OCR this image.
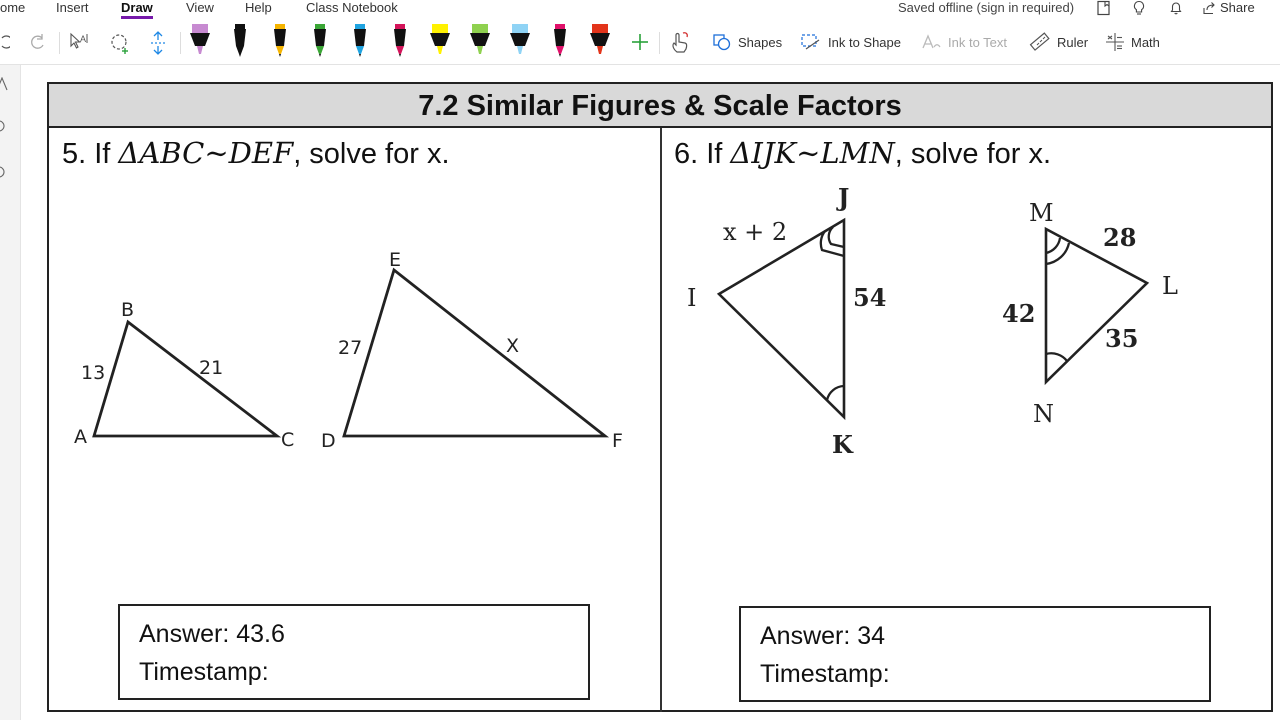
ome Insert Draw	View Help	Class Notebook	Saved offline (sign in required)	Share
A	Shapes	Ink to Shape	Ink to Text	Ruler	Math
7.2 Similar Figures & Scale Factors
5. If ΔABC∼DEF, solve for x.
A
B
C
13	21
D
E
F
27	X
Answer: 43.6
Timestamp:
6. If ΔIJK∼LMN, solve for x.
J
I
K
x + 2
54
M
L
N
28
42
35
Answer: 34
Timestamp:
